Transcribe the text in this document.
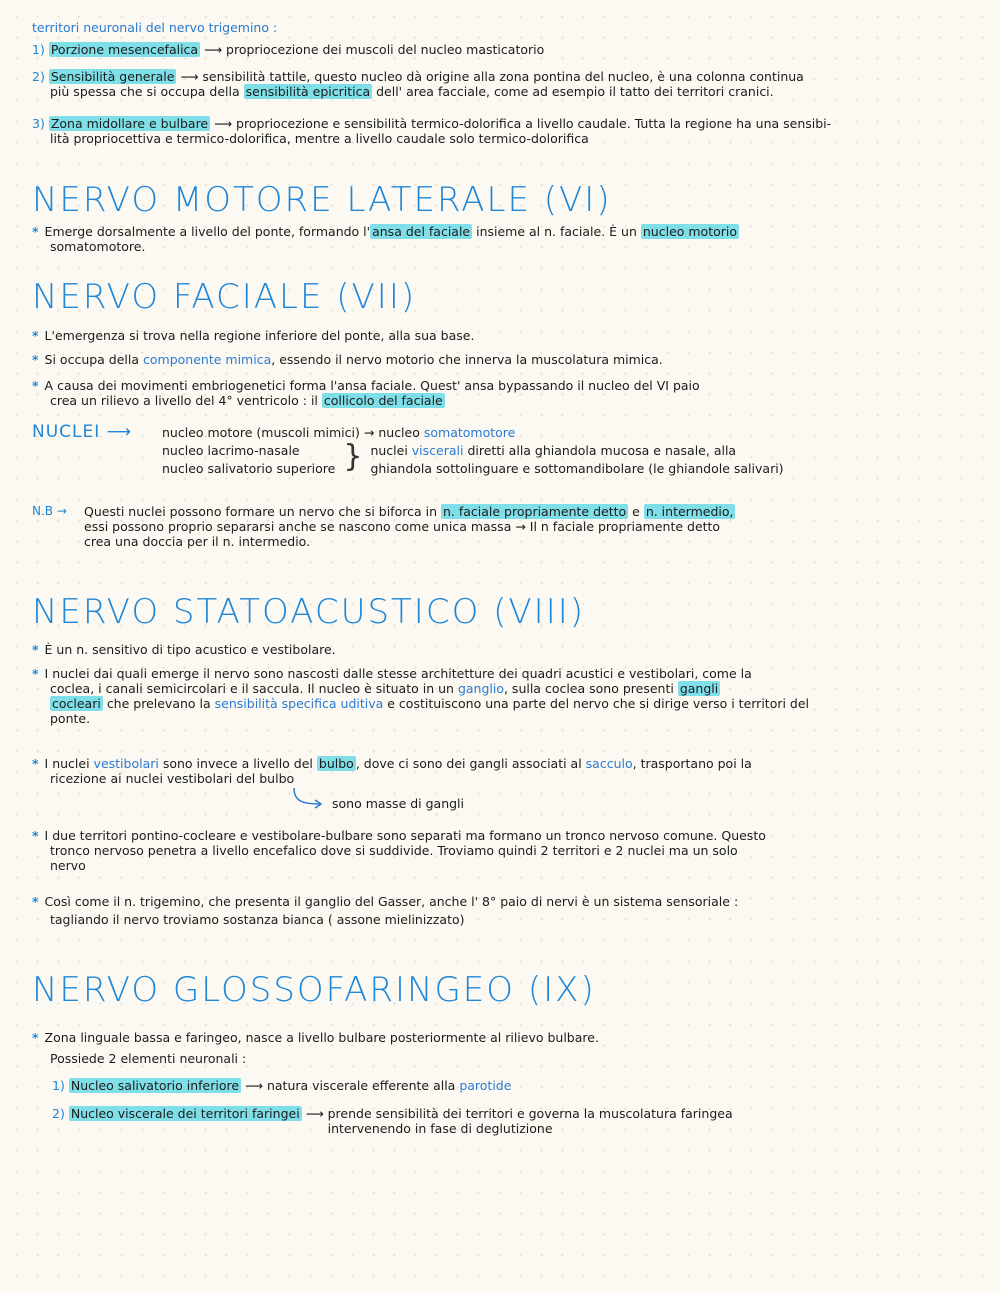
territori neuronali del nervo trigemino :
1) Porzione mesencefalica ⟶ propriocezione dei muscoli del nucleo masticatorio
2) Sensibilità generale ⟶ sensibilità tattile, questo nucleo dà origine alla zona pontina del nucleo, è una colonna continua
più spessa che si occupa della sensibilità epicritica dell' area facciale, come ad esempio il tatto dei territori cranici.
3) Zona midollare e bulbare ⟶ propriocezione e sensibilità termico-dolorifica a livello caudale. Tutta la regione ha una sensibi-
lità propriocettiva e termico-dolorifica, mentre a livello caudale solo termico-dolorifica
NERVO MOTORE LATERALE (VI)
* Emerge dorsalmente a livello del ponte, formando l' ansa del faciale insieme al n. faciale. È un nucleo motorio
somatomotore.
NERVO FACIALE (VII)
* L'emergenza si trova nella regione inferiore del ponte, alla sua base.
* Si occupa della componente mimica, essendo il nervo motorio che innerva la muscolatura mimica.
* A causa dei movimenti embriogenetici forma l'ansa faciale. Quest' ansa bypassando il nucleo del VI paio
crea un rilievo a livello del 4° ventricolo : il collicolo del faciale
NUCLEI ⟶	nucleo motore (muscoli mimici) → nucleo somatomotore
nucleo lacrimo-nasale
nucleo salivatorio superiore } nuclei viscerali diretti alla ghiandola mucosa e nasale, alla
ghiandola sottolinguare e sottomandibolare (le ghiandole salivari)
N.B →	Questi nuclei possono formare un nervo che si biforca in n. faciale propriamente detto e n. intermedio,
essi possono proprio separarsi anche se nascono come unica massa → Il n faciale propriamente detto
crea una doccia per il n. intermedio.
NERVO STATOACUSTICO (VIII)
* È un n. sensitivo di tipo acustico e vestibolare.
* I nuclei dai quali emerge il nervo sono nascosti dalle stesse architetture dei quadri acustici e vestibolari, come la
coclea, i canali semicircolari e il saccula. Il nucleo è situato in un ganglio, sulla coclea sono presenti gangli
cocleari che prelevano la sensibilità specifica uditiva e costituiscono una parte del nervo che si dirige verso i territori del
ponte.
* I nuclei vestibolari sono invece a livello del bulbo , dove ci sono dei gangli associati al sacculo, trasportano poi la
ricezione ai nuclei vestibolari del bulbo
sono masse di gangli
* I due territori pontino-cocleare e vestibolare-bulbare sono separati ma formano un tronco nervoso comune. Questo
tronco nervoso penetra a livello encefalico dove si suddivide. Troviamo quindi 2 territori e 2 nuclei ma un solo
nervo
* Così come il n. trigemino, che presenta il ganglio del Gasser, anche l' 8° paio di nervi è un sistema sensoriale :
tagliando il nervo troviamo sostanza bianca ( assone mielinizzato)
NERVO GLOSSOFARINGEO (IX)
* Zona linguale bassa e faringeo, nasce a livello bulbare posteriormente al rilievo bulbare.
Possiede 2 elementi neuronali :
1) Nucleo salivatorio inferiore ⟶ natura viscerale efferente alla parotide
2) Nucleo viscerale dei territori faringei ⟶ prende sensibilità dei territori e governa la muscolatura faringea
intervenendo in fase di deglutizione
